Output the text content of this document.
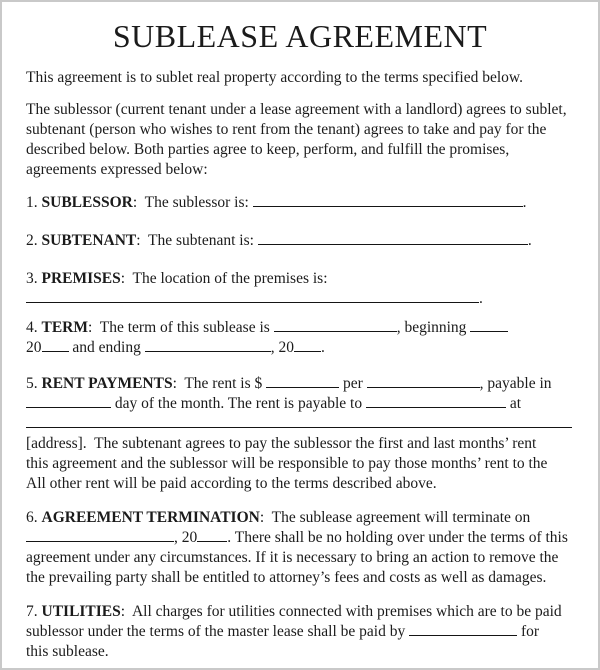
SUBLEASE AGREEMENT
This agreement is to sublet real property according to the terms specified below.
The sublessor (current tenant under a lease agreement with a landlord) agrees to sublet,
subtenant (person who wishes to rent from the tenant) agrees to take and pay for the
described below. Both parties agree to keep, perform, and fulfill the promises,
agreements expressed below:
1. SUBLESSOR:  The sublessor is:	.
2. SUBTENANT:  The subtenant is:	.
3. PREMISES:  The location of the premises is:
.
4. TERM:  The term of this sublease is	, beginning
20 and ending	, 20 .
5. RENT PAYMENTS:  The rent is $	per	, payable in
day of the month. The rent is payable to	at
[address].  The subtenant agrees to pay the sublessor the first and last months’ rent
this agreement and the sublessor will be responsible to pay those months’ rent to the
All other rent will be paid according to the terms described above.
6. AGREEMENT TERMINATION:  The sublease agreement will terminate on
, 20 . There shall be no holding over under the terms of this
agreement under any circumstances. If it is necessary to bring an action to remove the
the prevailing party shall be entitled to attorney’s fees and costs as well as damages.
7. UTILITIES:  All charges for utilities connected with premises which are to be paid
sublessor under the terms of the master lease shall be paid by	for
this sublease.
